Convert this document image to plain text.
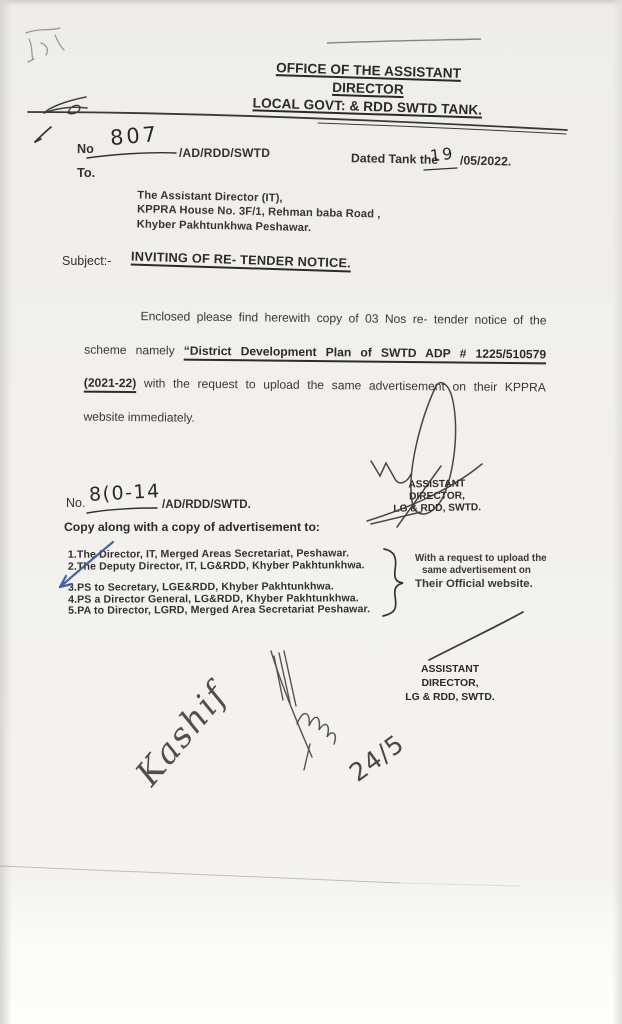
OFFICE OF THE ASSISTANT DIRECTOR
LOCAL GOVT: & RDD SWTD TANK.
No 807
/AD/RDD/SWTD	Dated Tank the
19 /05/2022.
To.
The Assistant Director (IT),
KPPRA House No. 3F/1, Rehman baba Road ,
Khyber Pakhtunkhwa Peshawar.
Subject:- INVITING OF RE- TENDER NOTICE.
Enclosed please find herewith copy of 03 Nos re- tender notice of the
scheme namely “District Development Plan of SWTD ADP # 1225/510579
(2021-22) with the request to upload the same advertisement on their KPPRA
website immediately.
ASSISTANT DIRECTOR,
LG & RDD, SWTD.
No. 8(0-14 /AD/RDD/SWTD.
Copy along with a copy of advertisement to:
1.The Director, IT, Merged Areas Secretariat, Peshawar.
2.The Deputy Director, IT, LG&RDD, Khyber Pakhtunkhwa.
3.PS to Secretary, LGE&RDD, Khyber Pakhtunkhwa.
4.PS a Director General, LG&RDD, Khyber Pakhtunkhwa.
5.PA to Director, LGRD, Merged Area Secretariat Peshawar.
With a request to upload the
same advertisement on
Their Official website.
ASSISTANT DIRECTOR,
LG & RDD, SWTD.
Kashif	24/5
